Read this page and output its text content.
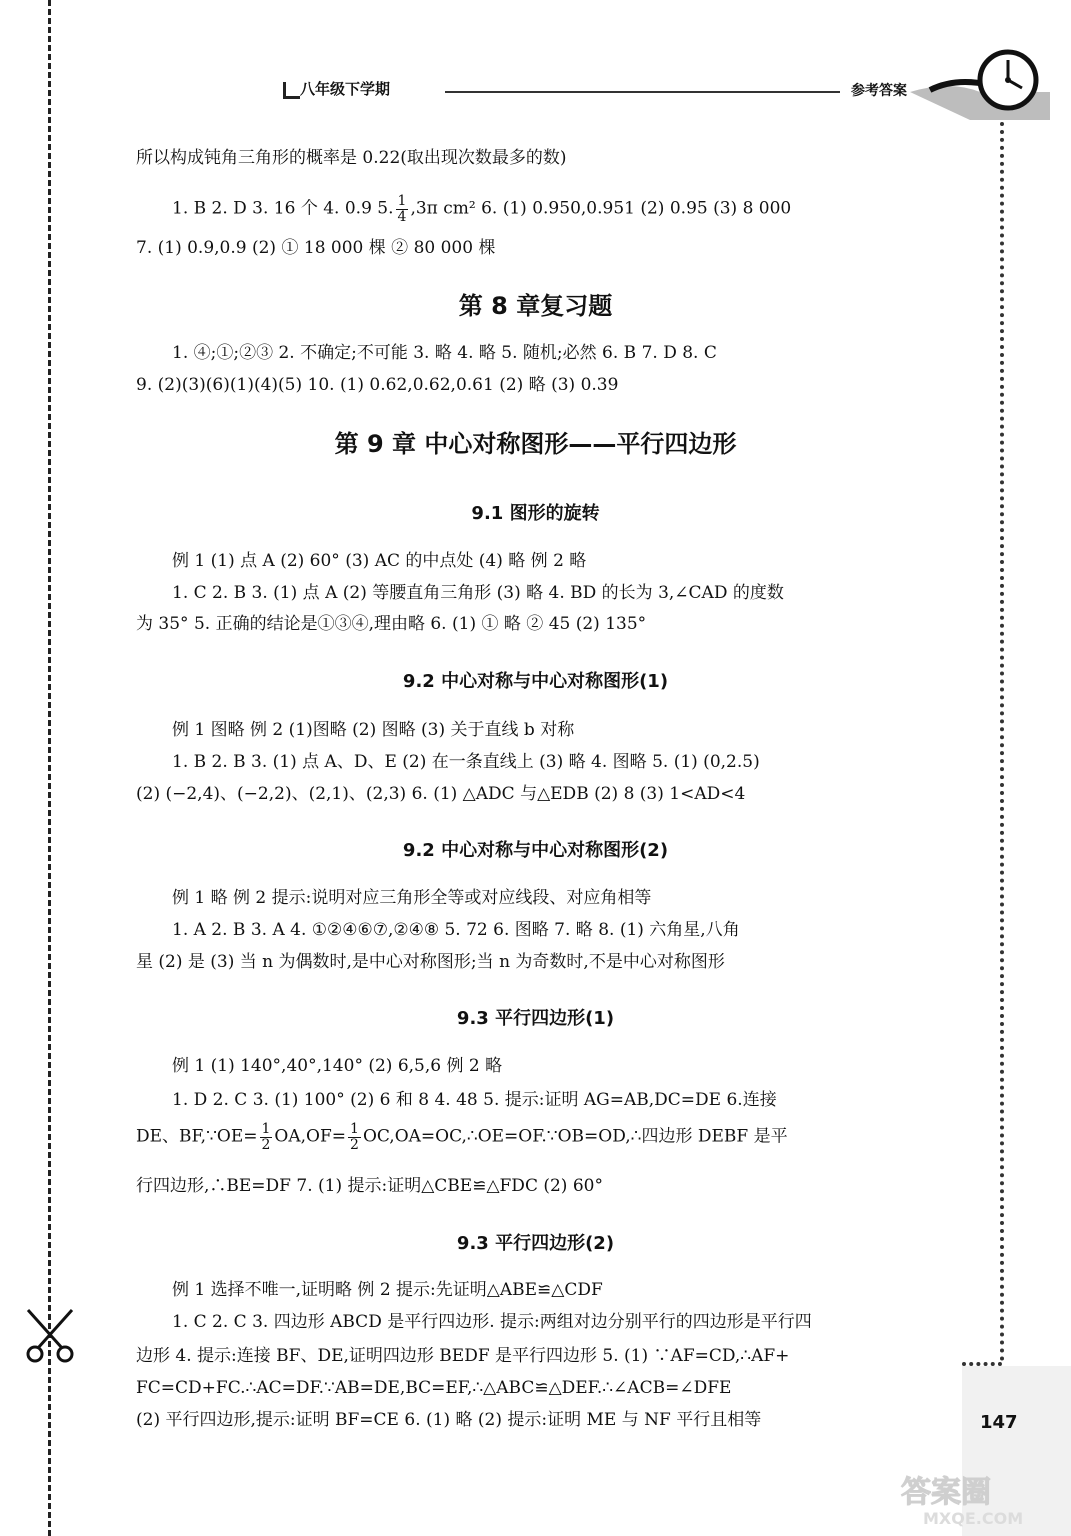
八年级下学期	参考答案
所以构成钝角三角形的概率是 0.22(取出现次数最多的数)
1. B 2. D 3. 16 个 4. 0.9 5. $\frac{1}{4} ,3\pi$ cm² 6. (1) 0.950,0.951 (2) 0.95 (3) 8 000
7. (1) 0.9,0.9 (2) ① 18 000 棵 ② 80 000 棵
第 8 章复习题
1. ④;①;②③ 2. 不确定;不可能 3. 略 4. 略 5. 随机;必然 6. B 7. D 8. C
9. (2)(3)(6)(1)(4)(5) 10. (1) 0.62,0.62,0.61 (2) 略 (3) 0.39
第 9 章 中心对称图形——平行四边形
9.1 图形的旋转
例 1 (1) 点 A (2) 60° (3) AC 的中点处 (4) 略 例 2 略
1. C 2. B 3. (1) 点 A (2) 等腰直角三角形 (3) 略 4. BD 的长为 3,∠CAD 的度数
为 35° 5. 正确的结论是①③④,理由略 6. (1) ① 略 ② 45 (2) 135°
9.2 中心对称与中心对称图形(1)
例 1 图略 例 2 (1)图略 (2) 图略 (3) 关于直线 b 对称
1. B 2. B 3. (1) 点 A、D、E (2) 在一条直线上 (3) 略 4. 图略 5. (1) (0,2.5)
(2) (−2,4)、(−2,2)、(2,1)、(2,3) 6. (1) △ADC 与△EDB (2) 8 (3) 1<AD<4
9.2 中心对称与中心对称图形(2)
例 1 略 例 2 提示:说明对应三角形全等或对应线段、对应角相等
1. A 2. B 3. A 4. ①②④⑥⑦,②④⑧ 5. 72 6. 图略 7. 略 8. (1) 六角星,八角
星 (2) 是 (3) 当 n 为偶数时,是中心对称图形;当 n 为奇数时,不是中心对称图形
9.3 平行四边形(1)
例 1 (1) 140°,40°,140° (2) 6,5,6 例 2 略
1. D 2. C 3. (1) 100° (2) 6 和 8 4. 48 5. 提示:证明 AG=AB,DC=DE 6.连接
DE、BF,∵OE= $\frac{1}{2} OA,OF= \frac{1}{2}$ OC,OA=OC,∴OE=OF.∵OB=OD,∴四边形 DEBF 是平
行四边形,∴BE=DF 7. (1) 提示:证明△CBE≌△FDC (2) 60°
9.3 平行四边形(2)
例 1 选择不唯一,证明略 例 2 提示:先证明△ABE≌△CDF
1. C 2. C 3. 四边形 ABCD 是平行四边形. 提示:两组对边分别平行的四边形是平行四
边形 4. 提示:连接 BF、DE,证明四边形 BEDF 是平行四边形 5. (1) ∵AF=CD,∴AF+
FC=CD+FC.∴AC=DF.∵AB=DE,BC=EF,∴△ABC≌△DEF.∴∠ACB=∠DFE
(2) 平行四边形,提示:证明 BF=CE 6. (1) 略 (2) 提示:证明 ME 与 NF 平行且相等	147
答案圈
MXQE.COM
